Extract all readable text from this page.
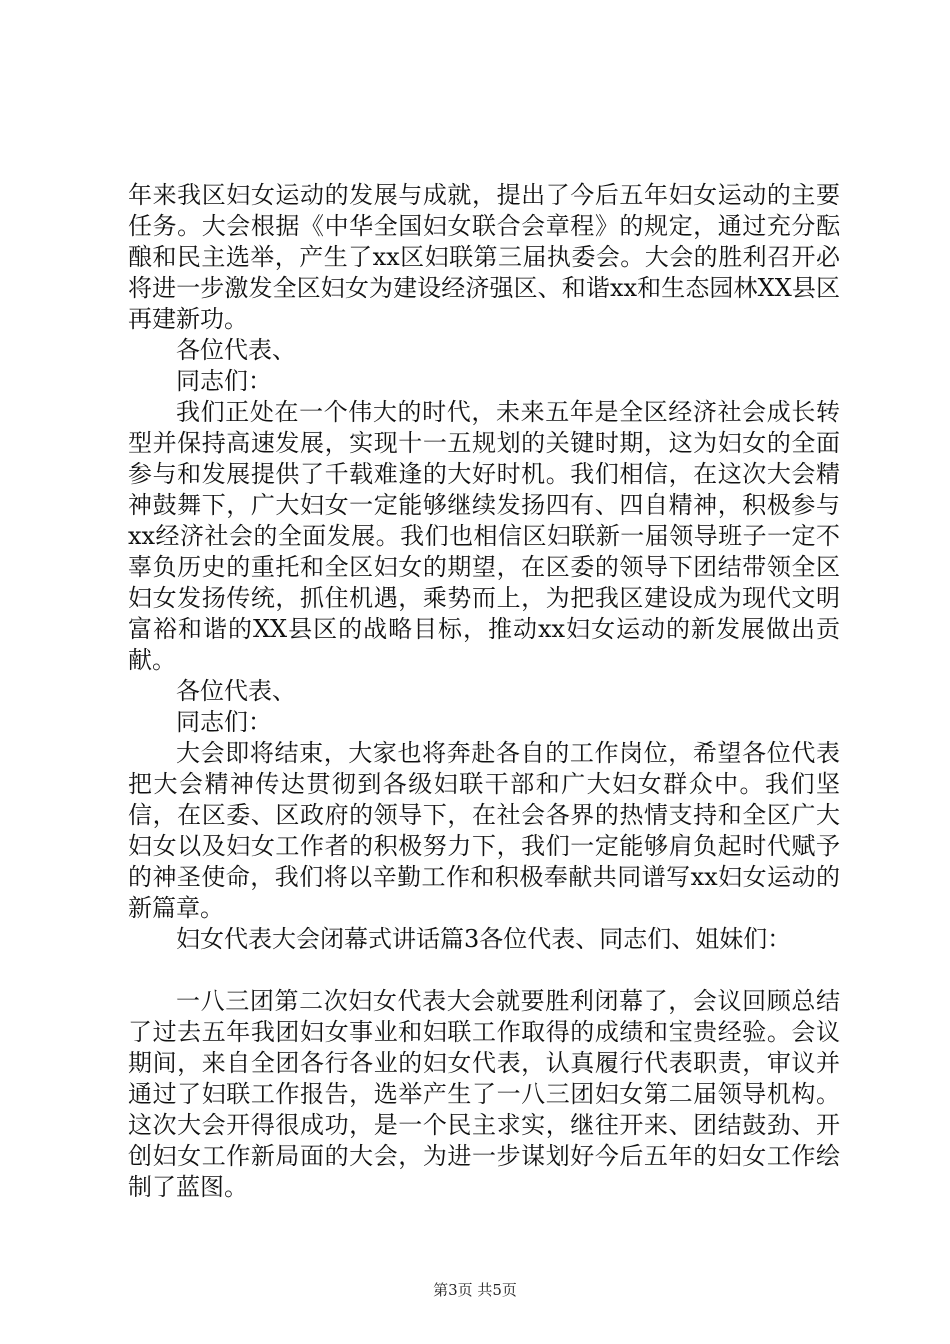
年来我区妇女运动的发展与成就，提出了今后五年妇女运动的主要任务。大会根据《中华全国妇女联合会章程》的规定，通过充分酝酿和民主选举，产生了xx区妇联第三届执委会。大会的胜利召开必将进一步激发全区妇女为建设经济强区、和谐xx和生态园林XX县区再建新功。

各位代表、

同志们：

我们正处在一个伟大的时代，未来五年是全区经济社会成长转型并保持高速发展，实现十一五规划的关键时期，这为妇女的全面参与和发展提供了千载难逢的大好时机。我们相信，在这次大会精神鼓舞下，广大妇女一定能够继续发扬四有、四自精神，积极参与xx经济社会的全面发展。我们也相信区妇联新一届领导班子一定不辜负历史的重托和全区妇女的期望，在区委的领导下团结带领全区妇女发扬传统，抓住机遇，乘势而上，为把我区建设成为现代文明富裕和谐的XX县区的战略目标，推动xx妇女运动的新发展做出贡献。

各位代表、

同志们：

大会即将结束，大家也将奔赴各自的工作岗位，希望各位代表把大会精神传达贯彻到各级妇联干部和广大妇女群众中。我们坚信，在区委、区政府的领导下，在社会各界的热情支持和全区广大妇女以及妇女工作者的积极努力下，我们一定能够肩负起时代赋予的神圣使命，我们将以辛勤工作和积极奉献共同谱写xx妇女运动的新篇章。

妇女代表大会闭幕式讲话篇3各位代表、同志们、姐妹们：

一八三团第二次妇女代表大会就要胜利闭幕了，会议回顾总结了过去五年我团妇女事业和妇联工作取得的成绩和宝贵经验。会议期间，来自全团各行各业的妇女代表，认真履行代表职责，审议并通过了妇联工作报告，选举产生了一八三团妇女第二届领导机构。这次大会开得很成功，是一个民主求实，继往开来、团结鼓劲、开创妇女工作新局面的大会，为进一步谋划好今后五年的妇女工作绘制了蓝图。

第3页 共5页
